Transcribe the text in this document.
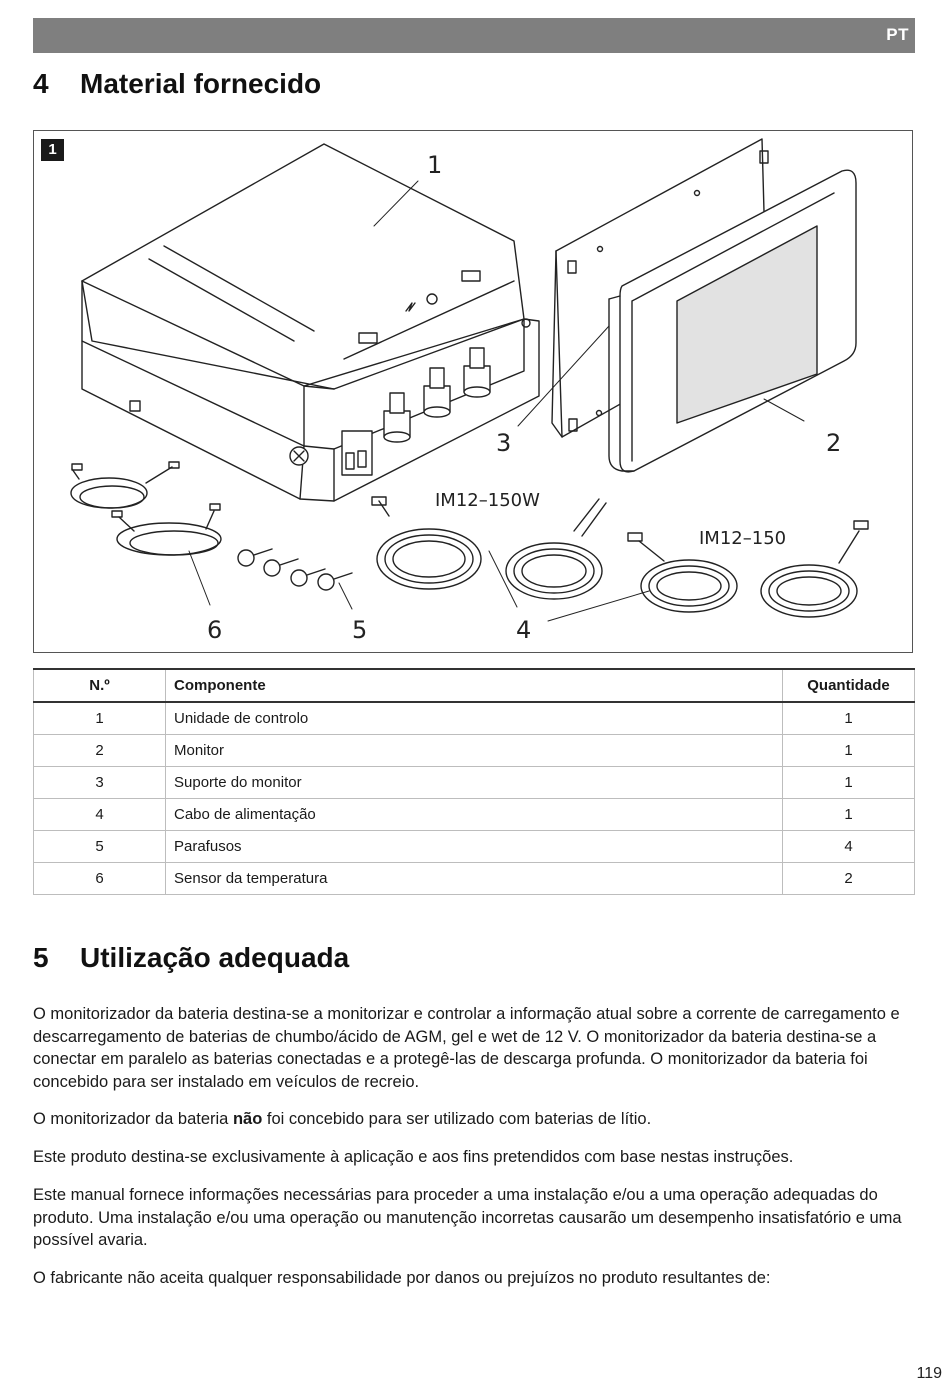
PT
4 Material fornecido
1
1
2
3
4
5
6
IM12–150W
IM12–150
N.º	Componente	Quantidade
1	Unidade de controlo	1
2	Monitor	1
3	Suporte do monitor	1
4	Cabo de alimentação	1
5	Parafusos	4
6	Sensor da temperatura	2
5 Utilização adequada

O monitorizador da bateria destina-se a monitorizar e controlar a informação atual sobre a corrente de carregamento e descarregamento de baterias de chumbo/ácido de AGM, gel e wet de 12 V. O monitorizador da bateria destina-se a conectar em paralelo as baterias conectadas e a protegê-las de descarga profunda. O monitorizador da bateria foi concebido para ser instalado em veículos de recreio.

O monitorizador da bateria não foi concebido para ser utilizado com baterias de lítio.

Este produto destina-se exclusivamente à aplicação e aos fins pretendidos com base nestas instruções.

Este manual fornece informações necessárias para proceder a uma instalação e/ou a uma operação adequadas do produto. Uma instalação e/ou uma operação ou manutenção incorretas causarão um desempenho insatisfatório e uma possível avaria.

O fabricante não aceita qualquer responsabilidade por danos ou prejuízos no produto resultantes de:

119
